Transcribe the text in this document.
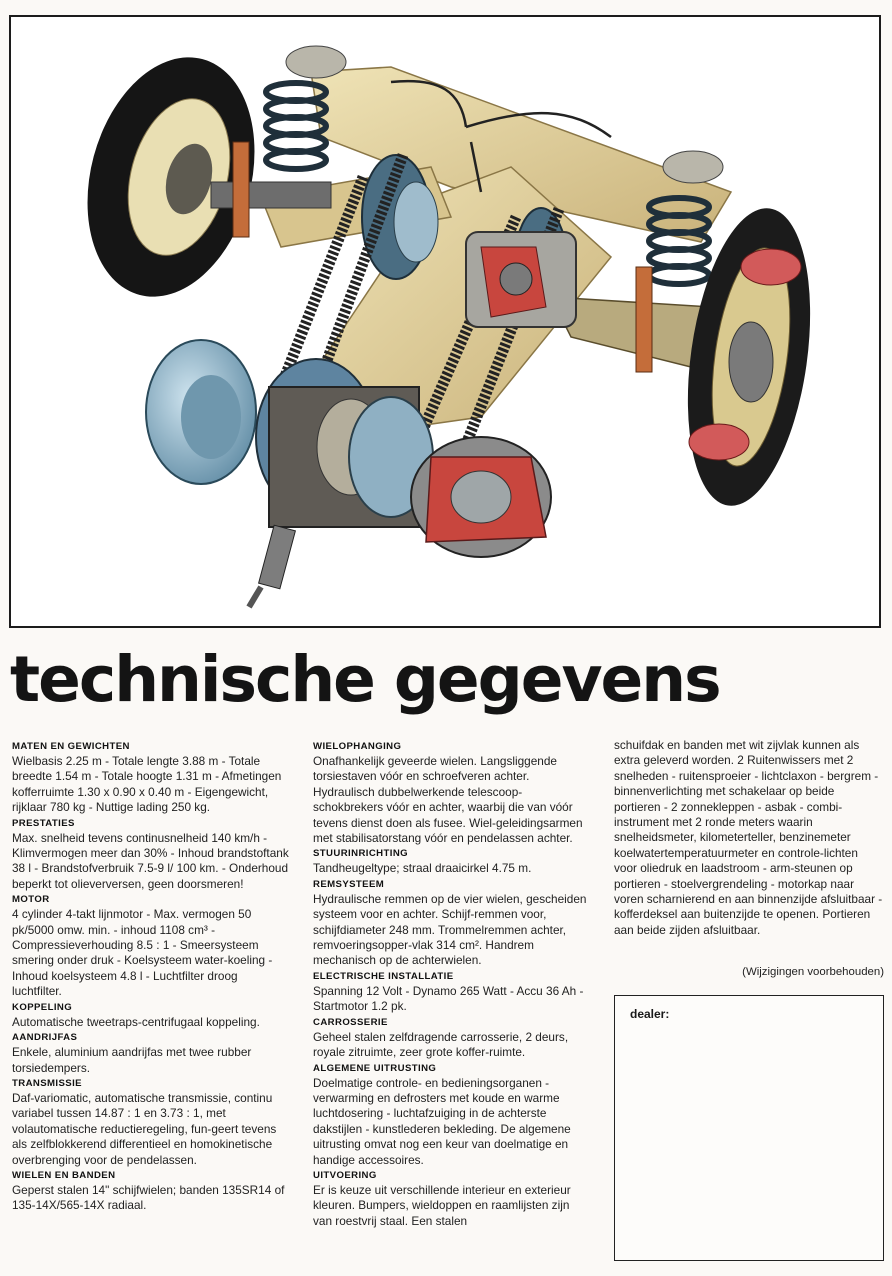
technische gegevens
MATEN EN GEWICHTEN

Wielbasis 2.25 m - Totale lengte 3.88 m - Totale breedte 1.54 m - Totale hoogte 1.31 m - Afmetingen kofferruimte 1.30 x 0.90 x 0.40 m - Eigengewicht, rijklaar 780 kg - Nuttige lading 250 kg.

PRESTATIES

Max. snelheid tevens continusnelheid 140 km/h - Klimvermogen meer dan 30% - Inhoud brandstoftank 38 l - Brandstofverbruik 7.5-9 l/ 100 km. - Onderhoud beperkt tot olieverversen, geen doorsmeren!

MOTOR

4 cylinder 4-takt lijnmotor - Max. vermogen 50 pk/5000 omw. min. - inhoud 1108 cm³ - Compressieverhouding 8.5 : 1 - Smeersysteem smering onder druk - Koelsysteem water-koeling - Inhoud koelsysteem 4.8 l - Luchtfilter droog luchtfilter.

KOPPELING

Automatische tweetraps-centrifugaal koppeling.

AANDRIJFAS

Enkele, aluminium aandrijfas met twee rubber torsiedempers.

TRANSMISSIE

Daf-variomatic, automatische transmissie, continu variabel tussen 14.87 : 1 en 3.73 : 1, met volautomatische reductieregeling, fun-geert tevens als zelfblokkerend differentieel en homokinetische overbrenging voor de pendelassen.

WIELEN EN BANDEN

Geperst stalen 14" schijfwielen; banden 135SR14 of 135-14X/565-14X radiaal.

WIELOPHANGING

Onafhankelijk geveerde wielen. Langsliggende torsiestaven vóór en schroefveren achter. Hydraulisch dubbelwerkende telescoop-schokbrekers vóór en achter, waarbij die van vóór tevens dienst doen als fusee. Wiel-geleidingsarmen met stabilisatorstang vóór en pendelassen achter.

STUURINRICHTING

Tandheugeltype; straal draaicirkel 4.75 m.

REMSYSTEEM

Hydraulische remmen op de vier wielen, gescheiden systeem voor en achter. Schijf-remmen voor, schijfdiameter 248 mm. Trommelremmen achter, remvoeringsopper-vlak 314 cm². Handrem mechanisch op de achterwielen.

ELECTRISCHE INSTALLATIE

Spanning 12 Volt - Dynamo 265 Watt - Accu 36 Ah - Startmotor 1.2 pk.

CARROSSERIE

Geheel stalen zelfdragende carrosserie, 2 deurs, royale zitruimte, zeer grote koffer-ruimte.

ALGEMENE UITRUSTING

Doelmatige controle- en bedieningsorganen - verwarming en defrosters met koude en warme luchtdosering - luchtafzuiging in de achterste dakstijlen - kunstlederen bekleding. De algemene uitrusting omvat nog een keur van doelmatige en handige accessoires.

UITVOERING

Er is keuze uit verschillende interieur en exterieur kleuren. Bumpers, wieldoppen en raamlijsten zijn van roestvrij staal. Een stalen

schuifdak en banden met wit zijvlak kunnen als extra geleverd worden. 2 Ruitenwissers met 2 snelheden - ruitensproeier - lichtclaxon - bergrem - binnenverlichting met schakelaar op beide portieren - 2 zonnekleppen - asbak - combi-instrument met 2 ronde meters waarin snelheidsmeter, kilometerteller, benzinemeter koelwatertemperatuurmeter en controle-lichten voor oliedruk en laadstroom - arm-steunen op portieren - stoelvergrendeling - motorkap naar voren scharnierend en aan binnenzijde afsluitbaar - kofferdeksel aan buitenzijde te openen. Portieren aan beide zijden afsluitbaar.

(Wijzigingen voorbehouden)
dealer:
